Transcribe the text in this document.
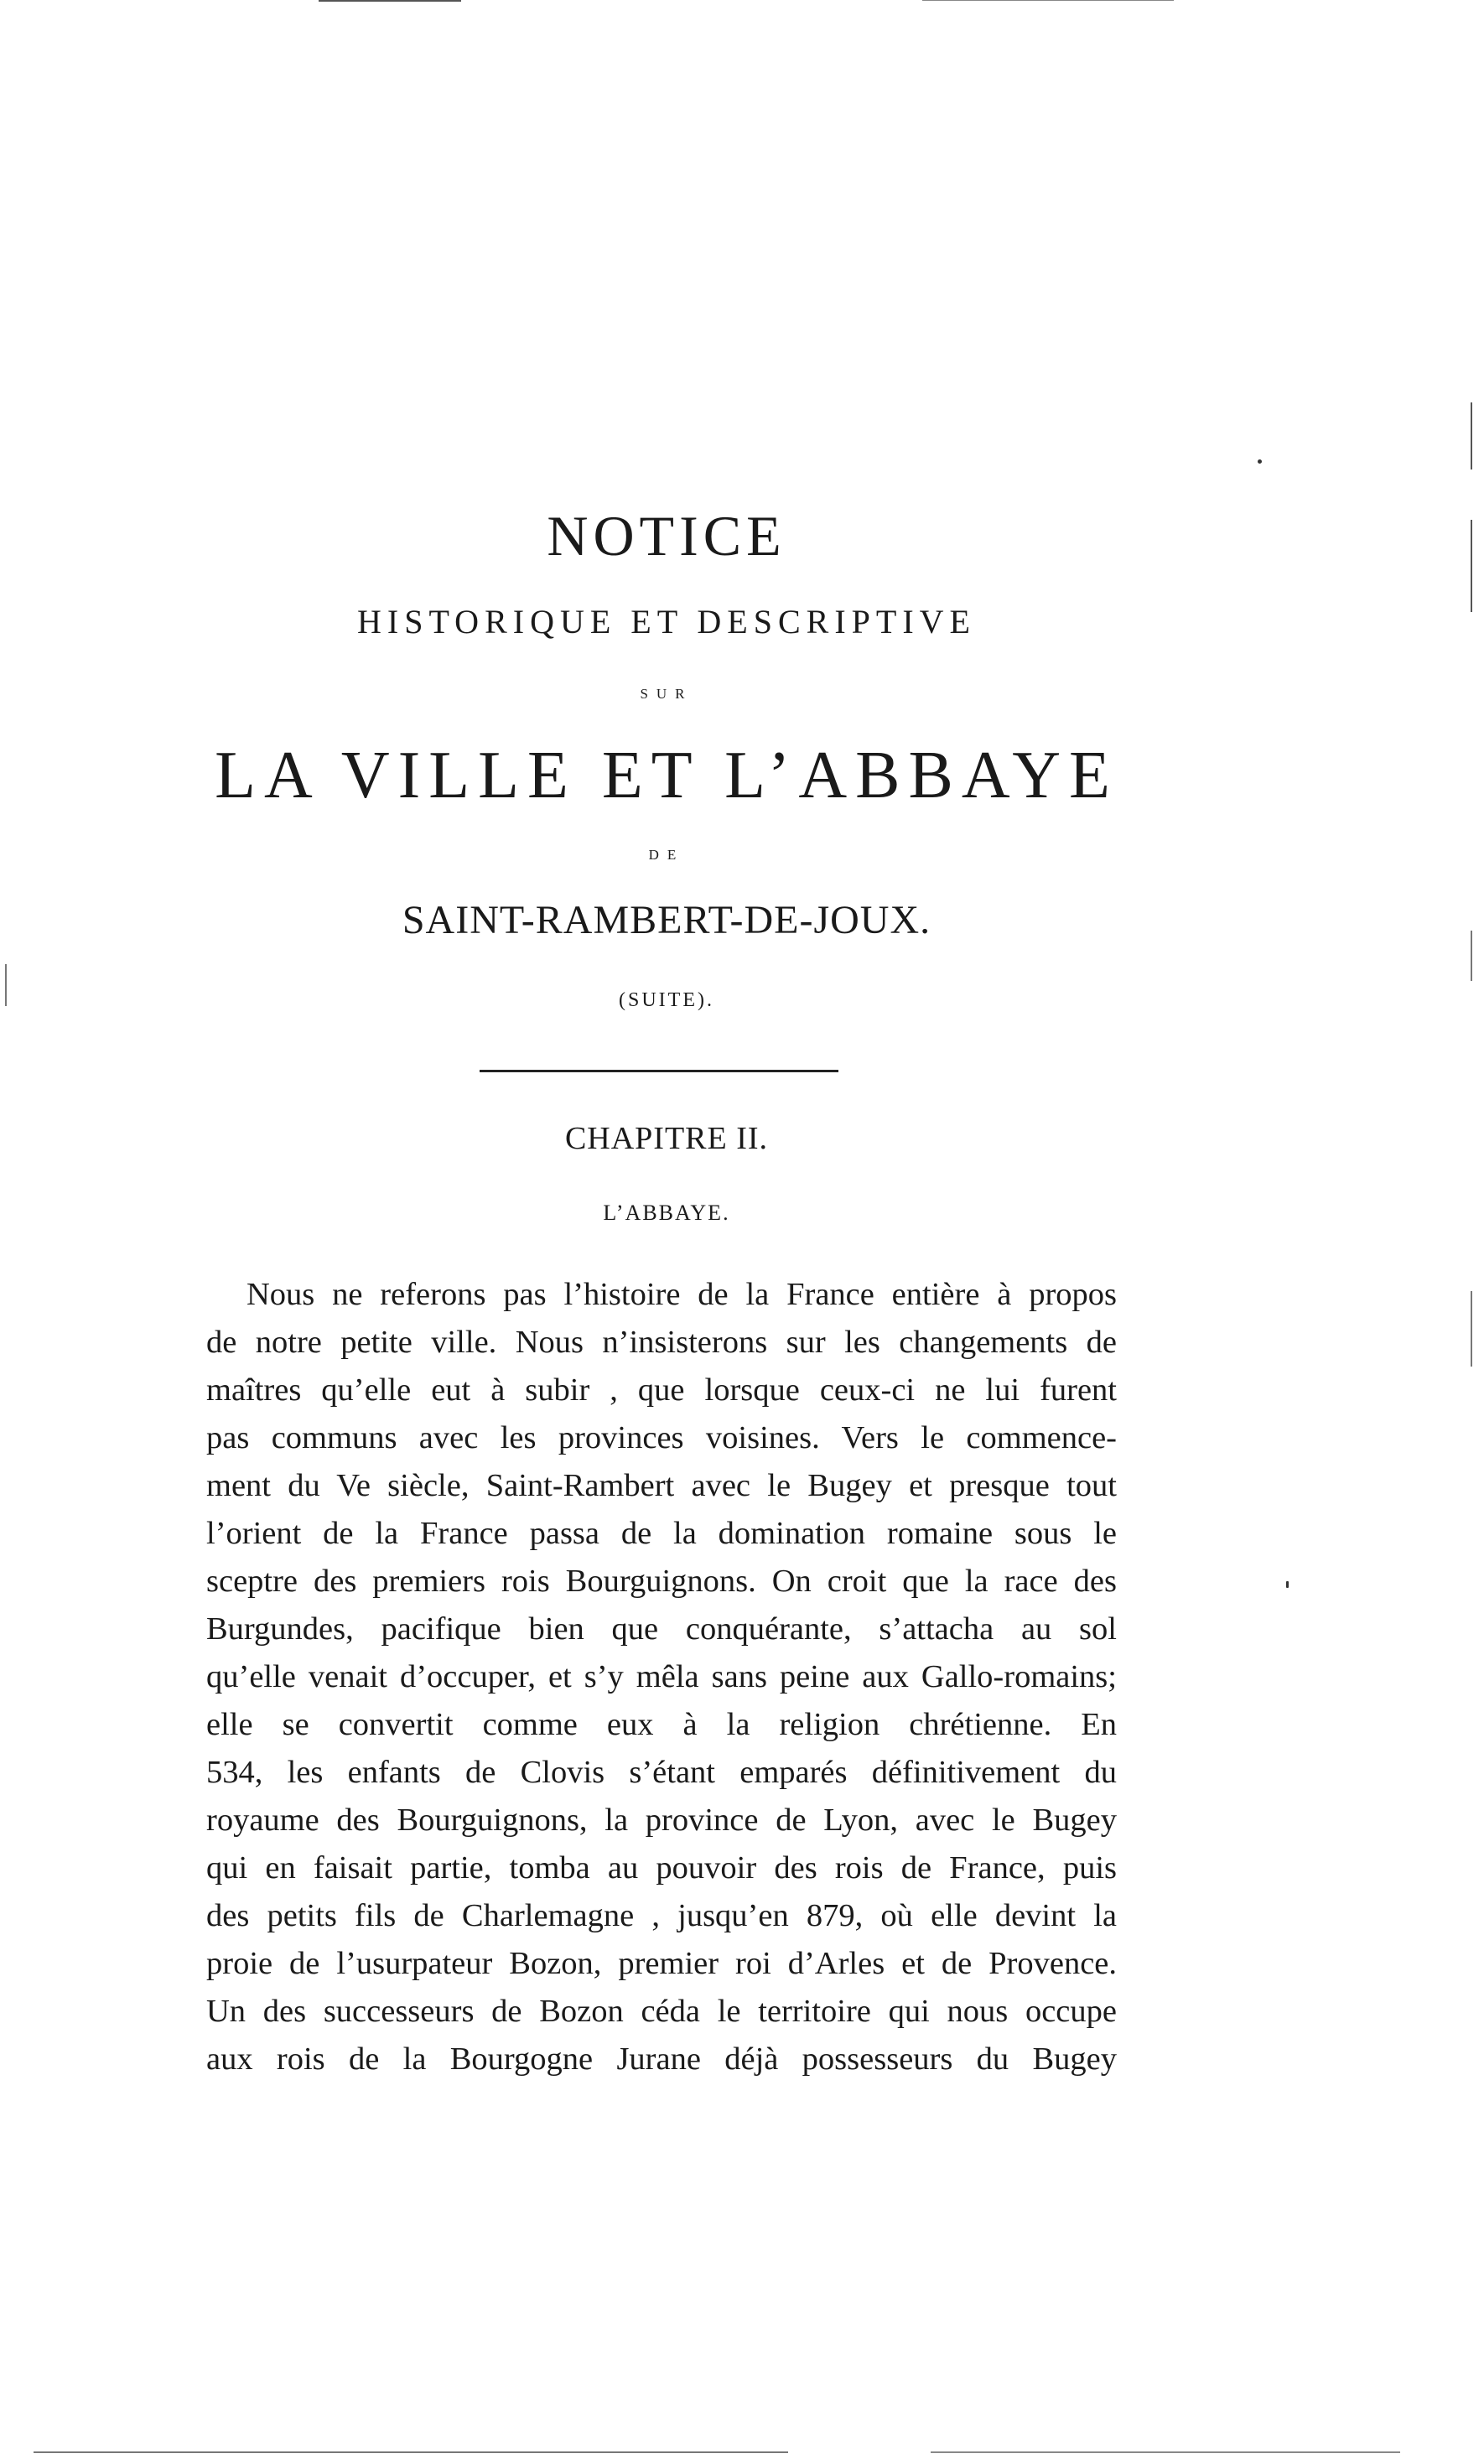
NOTICE
HISTORIQUE ET DESCRIPTIVE
SUR
LA VILLE ET L’ABBAYE
DE
SAINT-RAMBERT-DE-JOUX.
(SUITE).
CHAPITRE II.
L’ABBAYE.
Nous ne referons pas l’histoire de la France entière à propos
de notre petite ville. Nous n’insisterons sur les changements de
maîtres qu’elle eut à subir , que lorsque ceux-ci ne lui furent
pas communs avec les provinces voisines. Vers le commence-
ment du Ve siècle, Saint-Rambert avec le Bugey et presque tout
l’orient de la France passa de la domination romaine sous le
sceptre des premiers rois Bourguignons. On croit que la race des
Burgundes, pacifique bien que conquérante, s’attacha au sol
qu’elle venait d’occuper, et s’y mêla sans peine aux Gallo-romains;
elle se convertit comme eux à la religion chrétienne. En
534, les enfants de Clovis s’étant emparés définitivement du
royaume des Bourguignons, la province de Lyon, avec le Bugey
qui en faisait partie, tomba au pouvoir des rois de France, puis
des petits fils de Charlemagne , jusqu’en 879, où elle devint la
proie de l’usurpateur Bozon, premier roi d’Arles et de Provence.
Un des successeurs de Bozon céda le territoire qui nous occupe
aux rois de la Bourgogne Jurane déjà possesseurs du Bugey
